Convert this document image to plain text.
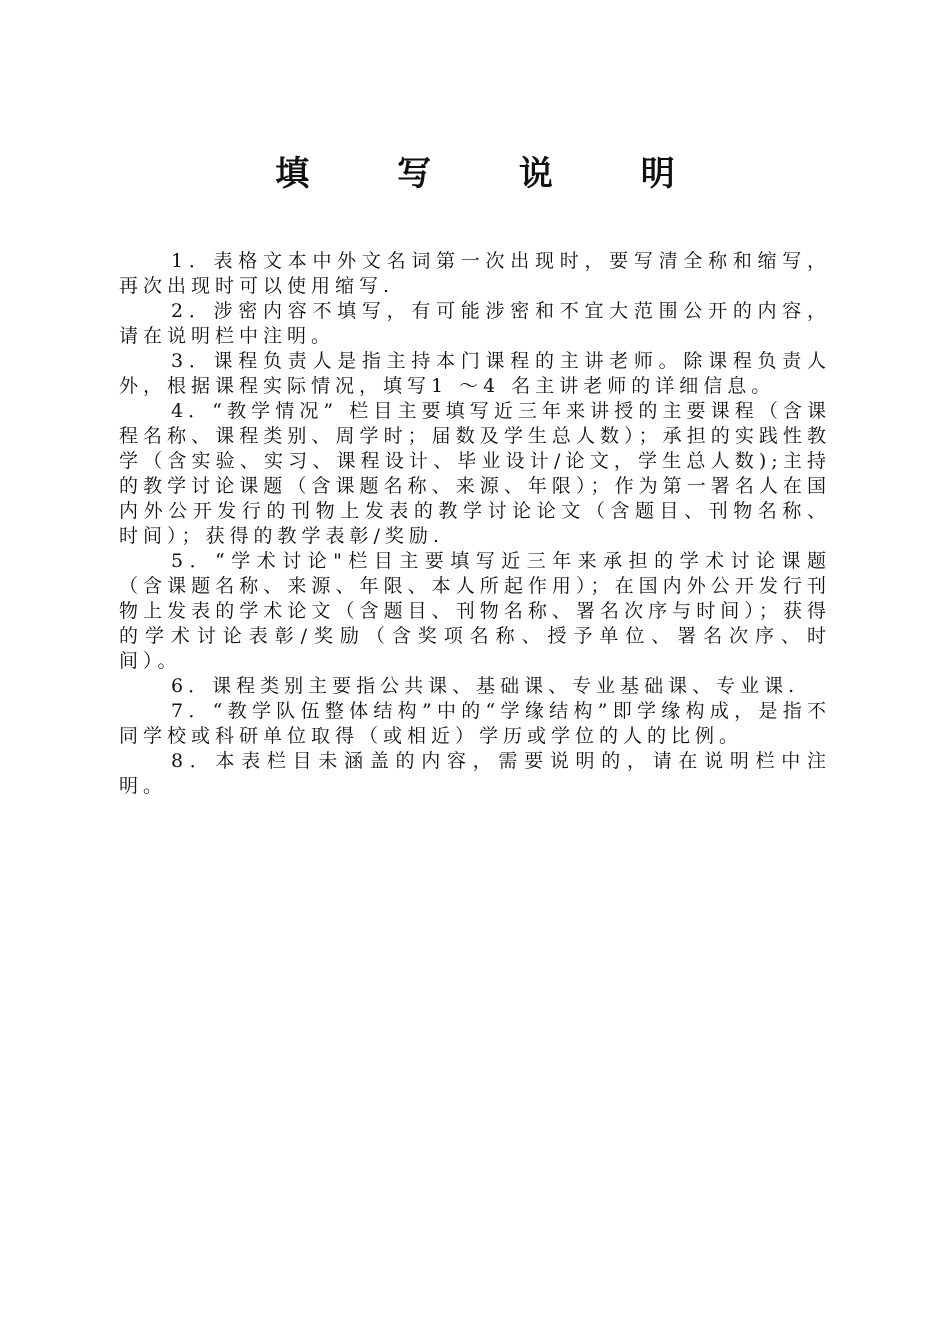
填 写 说 明

1．表格文本中外文名词第一次出现时，要写清全称和缩写，再次出现时可以使用缩写.

2．涉密内容不填写，有可能涉密和不宜大范围公开的内容，请在说明栏中注明。

3．课程负责人是指主持本门课程的主讲老师。除课程负责人外，根据课程实际情况，填写1 ～4 名主讲老师的详细信息。

4．“教学情况” 栏目主要填写近三年来讲授的主要课程（含课程名称、课程类别、周学时；届数及学生总人数）；承担的实践性教学（含实验、实习、课程设计、毕业设计/论文，学生总人数);主持的教学讨论课题（含课题名称、来源、年限）；作为第一署名人在国内外公开发行的刊物上发表的教学讨论论文（含题目、刊物名称、时间）；获得的教学表彰/奖励.

5．“学术讨论"栏目主要填写近三年来承担的学术讨论课题（含课题名称、来源、年限、本人所起作用）；在国内外公开发行刊物上发表的学术论文（含题目、刊物名称、署名次序与时间）；获得的学术讨论表彰/奖励（含奖项名称、授予单位、署名次序、时间）。

6．课程类别主要指公共课、基础课、专业基础课、专业课.

7．“教学队伍整体结构”中的“学缘结构”即学缘构成，是指不同学校或科研单位取得（或相近）学历或学位的人的比例。

8．本表栏目未涵盖的内容，需要说明的，请在说明栏中注明。
